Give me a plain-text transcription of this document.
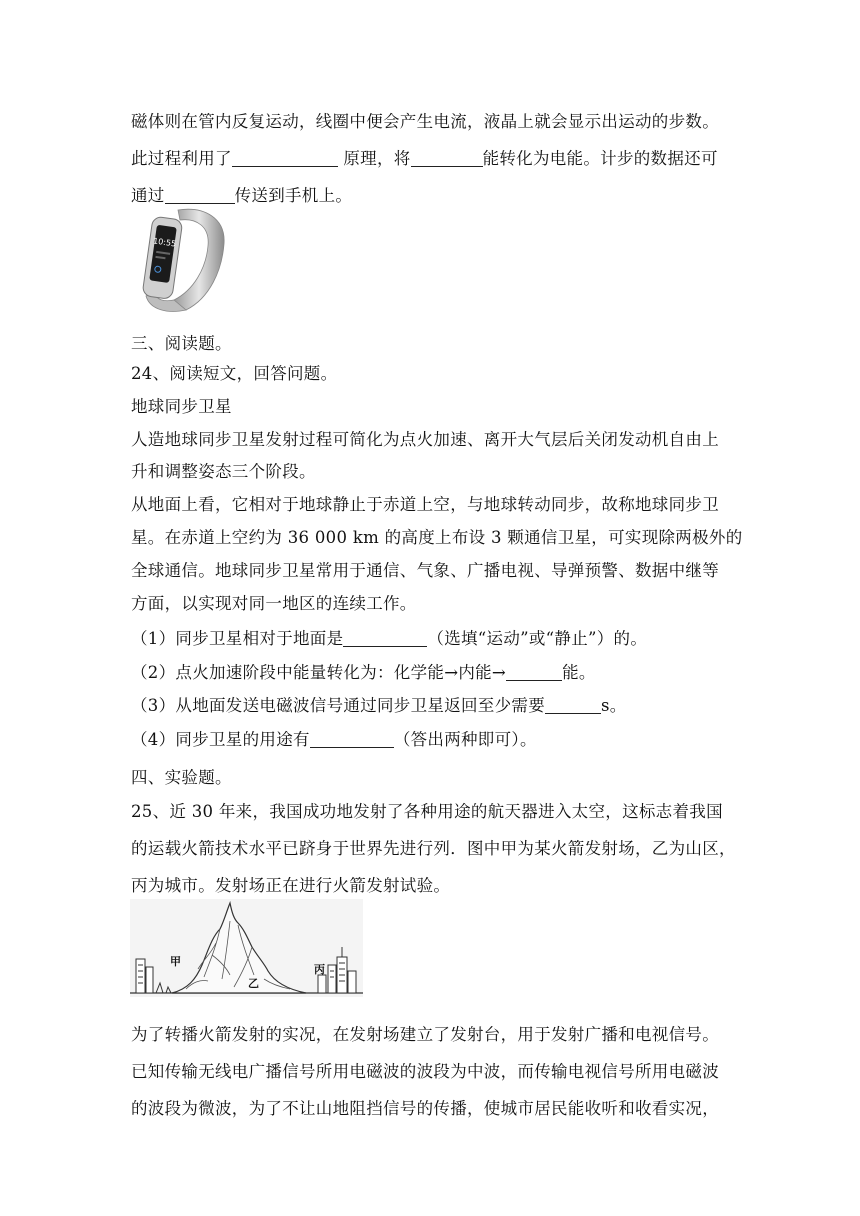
磁体则在管内反复运动，线圈中便会产生电流，液晶上就会显示出运动的步数。
此过程利用了	原理，将	能转化为电能。计步的数据还可
通过	传送到手机上。
10:55
三、阅读题。
24、阅读短文，回答问题。
地球同步卫星
人造地球同步卫星发射过程可简化为点火加速、离开大气层后关闭发动机自由上
升和调整姿态三个阶段。
从地面上看，它相对于地球静止于赤道上空，与地球转动同步，故称地球同步卫
星。在赤道上空约为 36 000 km 的高度上布设 3 颗通信卫星，可实现除两极外的
全球通信。地球同步卫星常用于通信、气象、广播电视、导弹预警、数据中继等
方面，以实现对同一地区的连续工作。
（1）同步卫星相对于地面是	（选填“运动”或“静止”）的。
（2）点火加速阶段中能量转化为：化学能→内能→	能。
（3）从地面发送电磁波信号通过同步卫星返回至少需要	s。
（4）同步卫星的用途有	（答出两种即可）。
四、实验题。
25、近 30 年来，我国成功地发射了各种用途的航天器进入太空，这标志着我国
的运载火箭技术水平已跻身于世界先进行列．图中甲为某火箭发射场，乙为山区，
丙为城市。发射场正在进行火箭发射试验。
甲
乙
丙
为了转播火箭发射的实况，在发射场建立了发射台，用于发射广播和电视信号。
已知传输无线电广播信号所用电磁波的波段为中波，而传输电视信号所用电磁波
的波段为微波，为了不让山地阻挡信号的传播，使城市居民能收听和收看实况，
